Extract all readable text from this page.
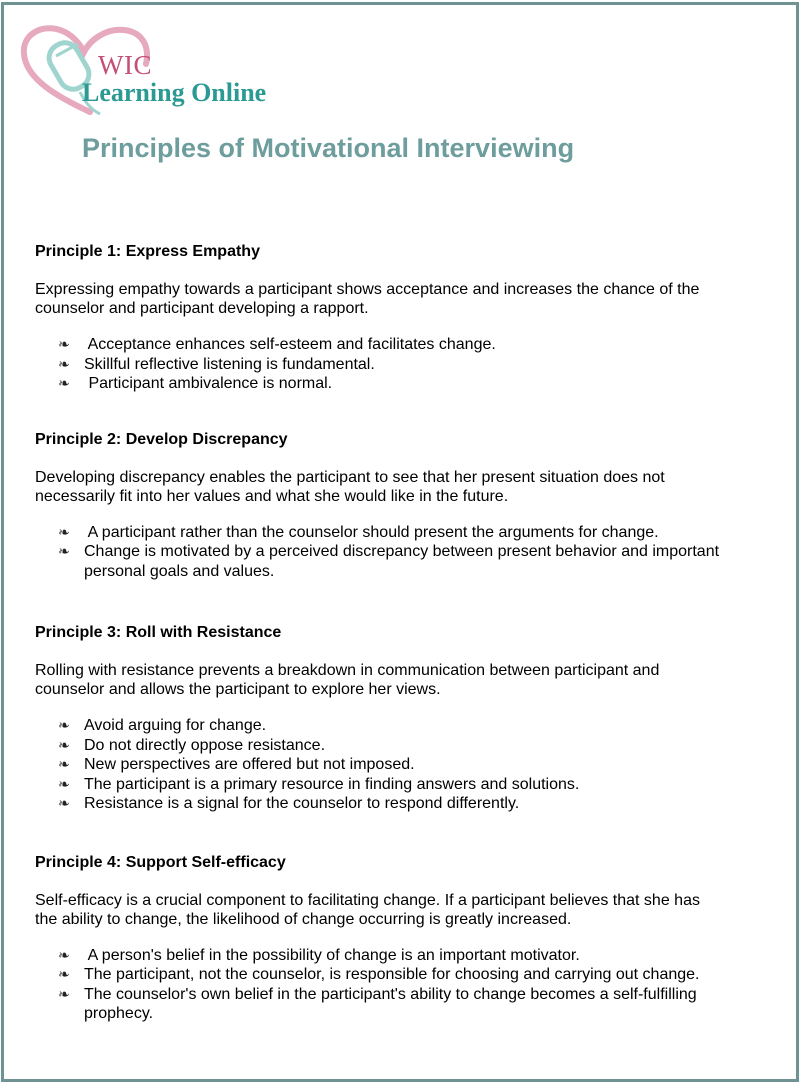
WIC
Learning Online
Principles of Motivational Interviewing
Principle 1: Express Empathy

Expressing empathy towards a participant shows acceptance and increases the chance of the counselor and participant developing a rapport.

❧ Acceptance enhances self-esteem and facilitates change.
❧ Skillful reflective listening is fundamental.
❧ Participant ambivalence is normal.
Principle 2: Develop Discrepancy

Developing discrepancy enables the participant to see that her present situation does not necessarily fit into her values and what she would like in the future.

❧ A participant rather than the counselor should present the arguments for change.
❧ Change is motivated by a perceived discrepancy between present behavior and important personal goals and values.
Principle 3: Roll with Resistance

Rolling with resistance prevents a breakdown in communication between participant and counselor and allows the participant to explore her views.

❧ Avoid arguing for change.
❧ Do not directly oppose resistance.
❧ New perspectives are offered but not imposed.
❧ The participant is a primary resource in finding answers and solutions.
❧ Resistance is a signal for the counselor to respond differently.
Principle 4: Support Self-efficacy

Self-efficacy is a crucial component to facilitating change. If a participant believes that she has the ability to change, the likelihood of change occurring is greatly increased.

❧ A person's belief in the possibility of change is an important motivator.
❧ The participant, not the counselor, is responsible for choosing and carrying out change.
❧ The counselor's own belief in the participant's ability to change becomes a self-fulfilling prophecy.
